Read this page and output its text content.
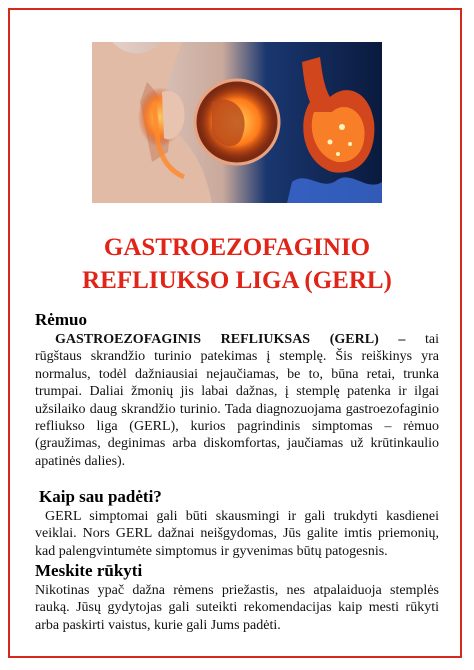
GASTROEZOFAGINIO
REFLIUKSO LIGA (GERL)
Rėmuo
GASTROEZOFAGINIS REFLIUKSAS (GERL) – tai
rūgštaus skrandžio turinio patekimas į stemplę. Šis reiškinys yra
normalus, todėl dažniausiai nejaučiamas, be to, būna retai, trunka
trumpai. Daliai žmonių jis labai dažnas, į stemplę patenka ir ilgai
užsilaiko daug skrandžio turinio. Tada diagnozuojama gastroezofaginio
refliukso liga (GERL), kurios pagrindinis simptomas – rėmuo
(graužimas, deginimas arba diskomfortas, jaučiamas už krūtinkaulio
apatinės dalies).
Kaip sau padėti?
GERL simptomai gali būti skausmingi ir gali trukdyti kasdienei
veiklai. Nors GERL dažnai neišgydomas, Jūs galite imtis priemonių,
kad palengvintumėte simptomus ir gyvenimas būtų patogesnis.
Meskite rūkyti
Nikotinas ypač dažna rėmens priežastis, nes atpalaiduoja stemplės
rauką. Jūsų gydytojas gali suteikti rekomendacijas kaip mesti rūkyti
arba paskirti vaistus, kurie gali Jums padėti.
